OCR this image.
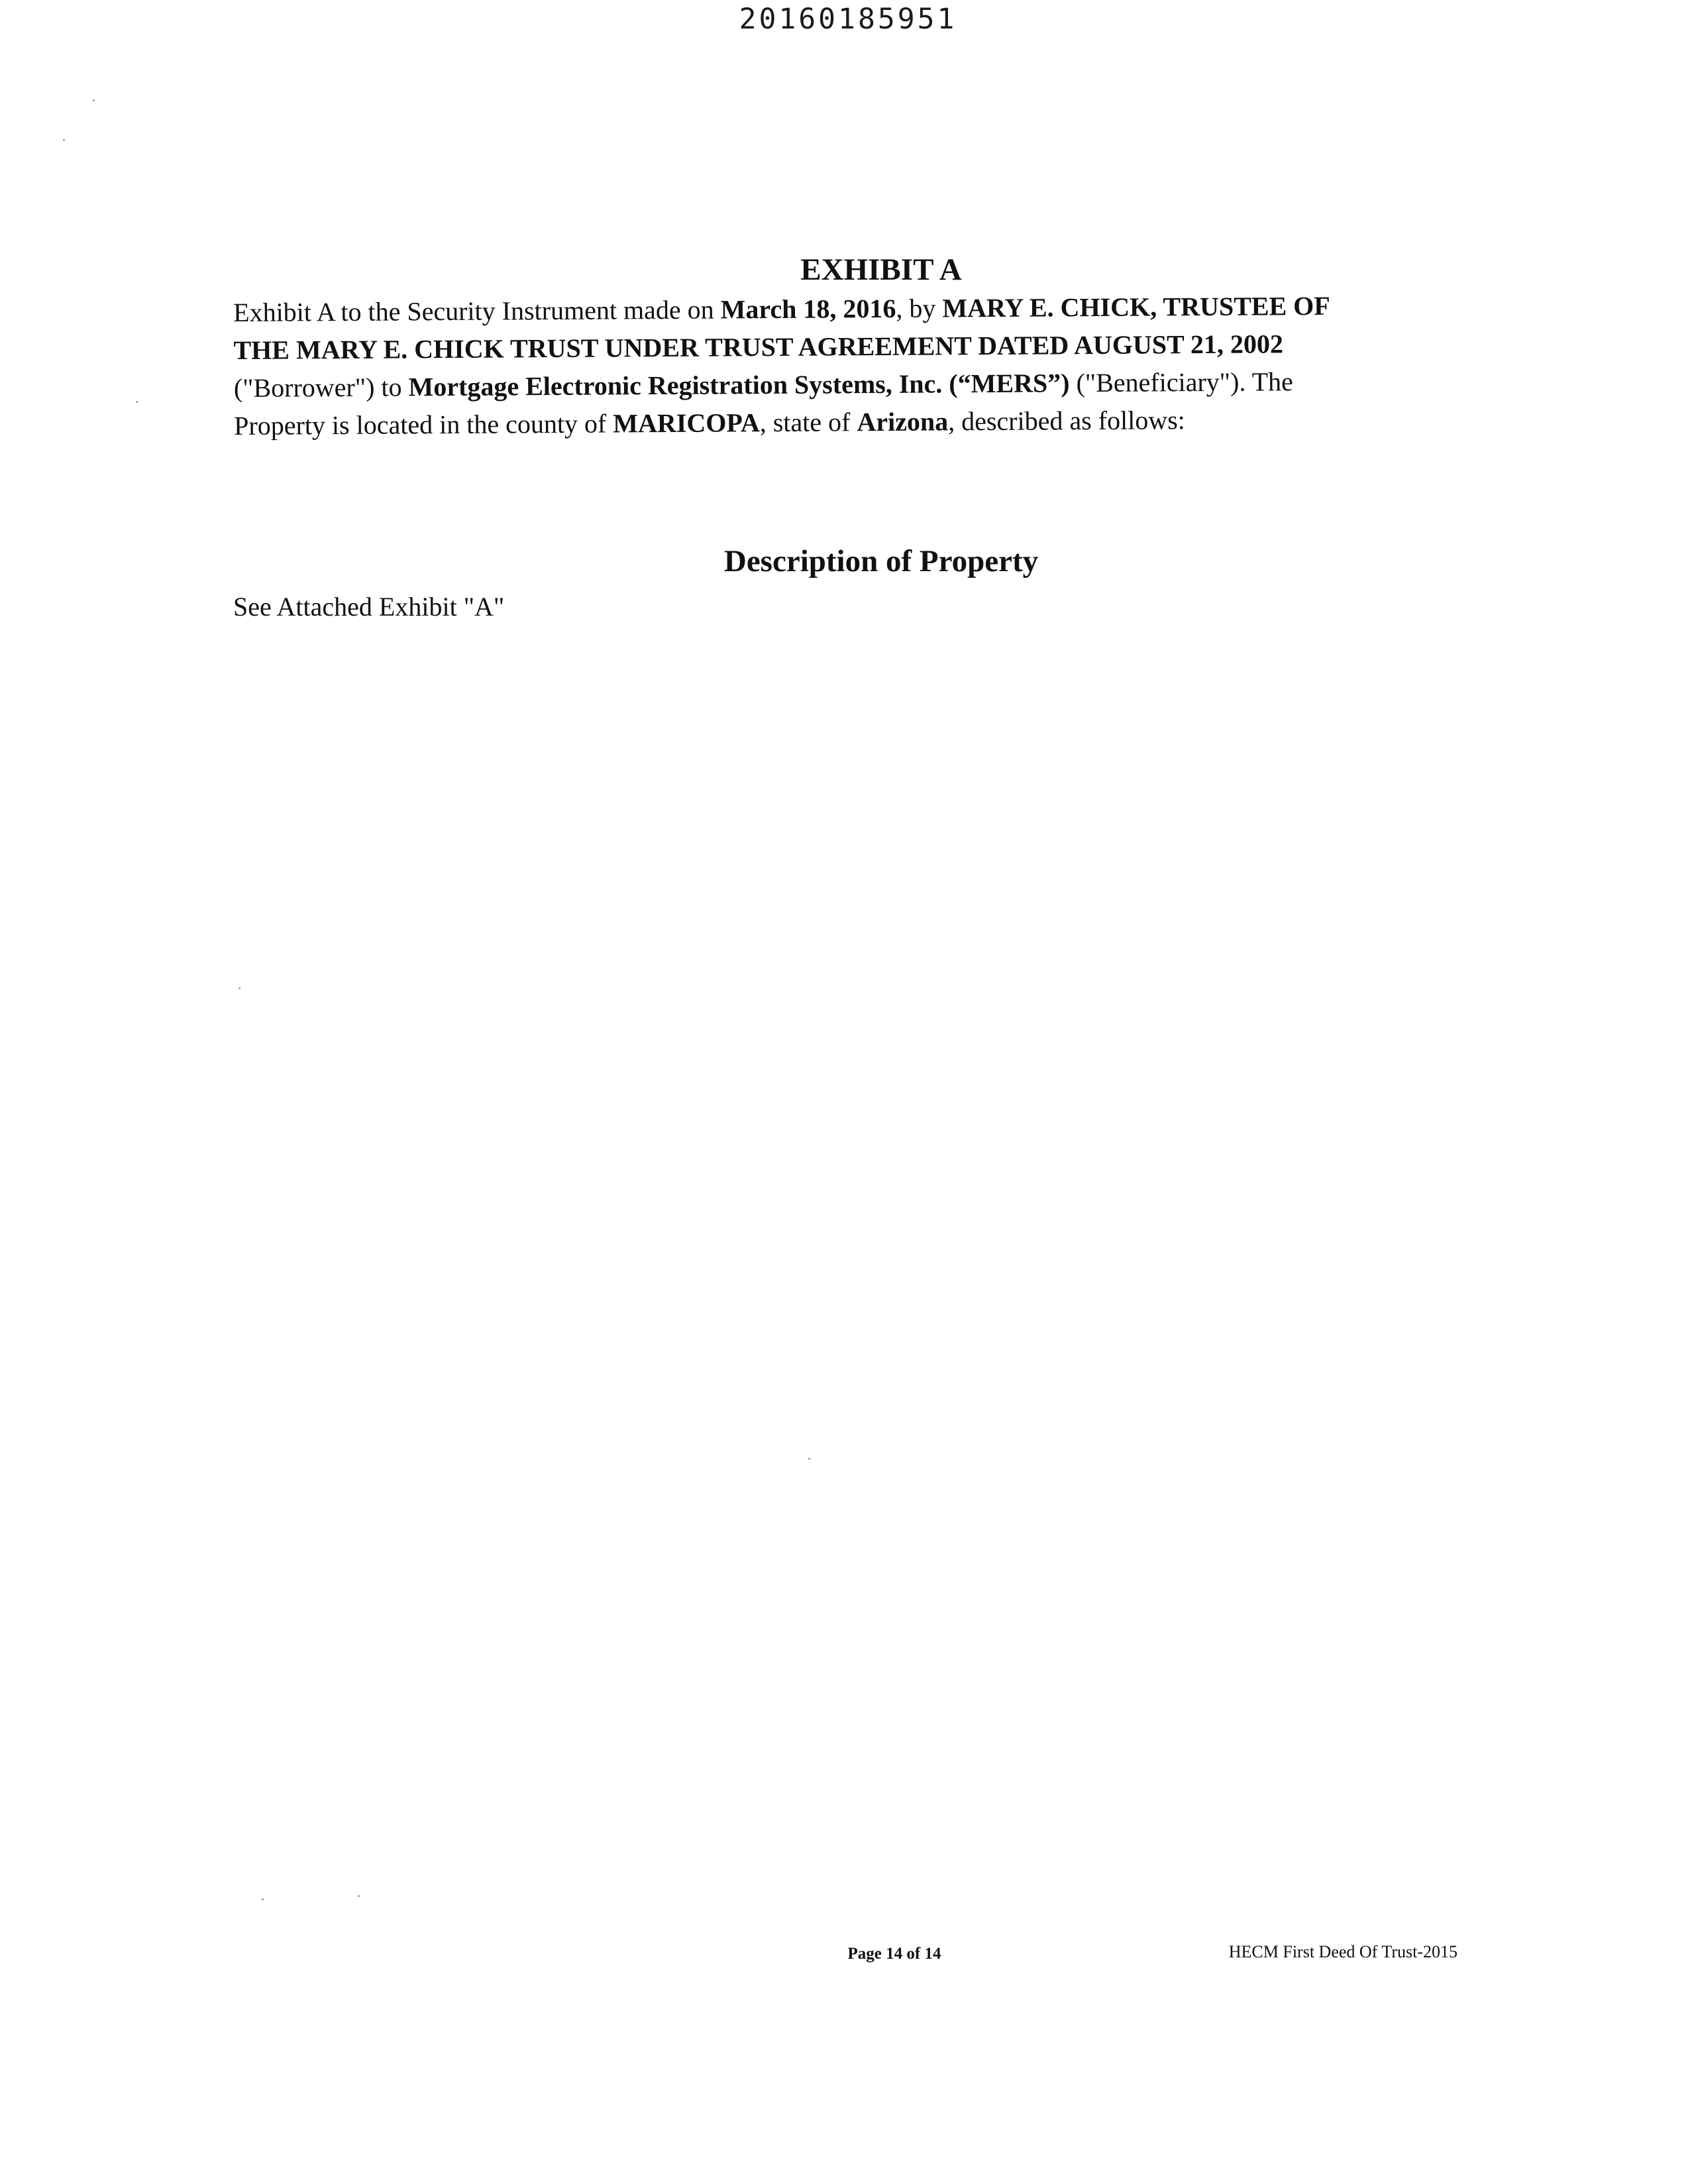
20160185951
EXHIBIT A
Exhibit A to the Security Instrument made on March 18, 2016, by MARY E. CHICK, TRUSTEE OF
THE MARY E. CHICK TRUST UNDER TRUST AGREEMENT DATED AUGUST 21, 2002
("Borrower") to Mortgage Electronic Registration Systems, Inc. (“MERS”) ("Beneficiary"). The
Property is located in the county of MARICOPA, state of Arizona, described as follows:
Description of Property
See Attached Exhibit "A"
Page 14 of 14	HECM First Deed Of Trust-2015
